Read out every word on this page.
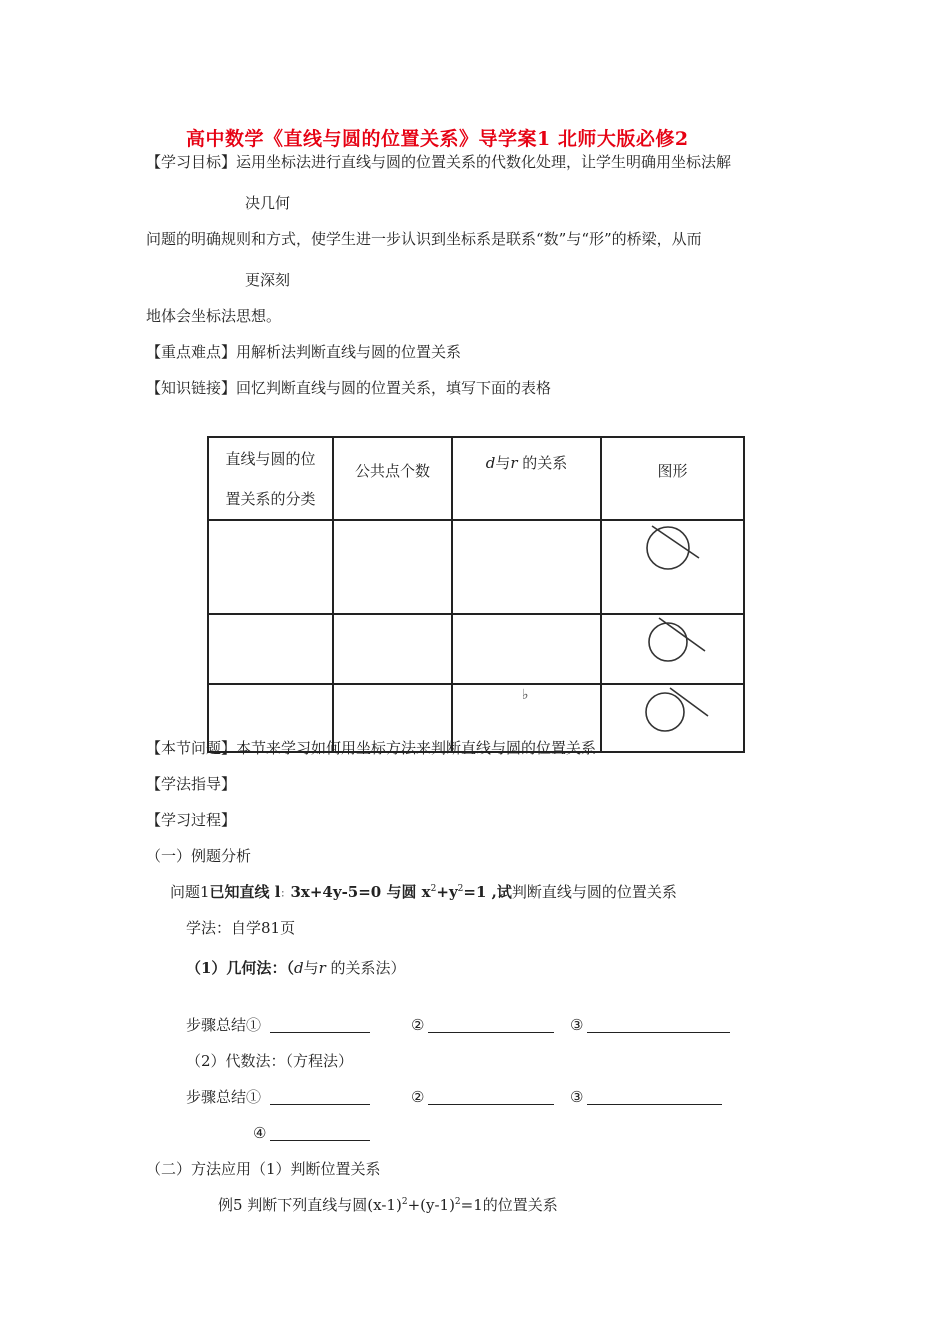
高中数学《直线与圆的位置关系》导学案1 北师大版必修2
【学习目标】运用坐标法进行直线与圆的位置关系的代数化处理，让学生明确用坐标法解
决几何
问题的明确规则和方式，使学生进一步认识到坐标系是联系“数”与“形”的桥梁，从而
更深刻
地体会坐标法思想。
【重点难点】用解析法判断直线与圆的位置关系
【知识链接】回忆判断直线与圆的位置关系，填写下面的表格
直线与圆的位
置关系的分类	公共点个数	d与r 的关系	图形

		♭

【本节问题】本节来学习如何用坐标方法来判断直线与圆的位置关系
【学法指导】
【学习过程】
（一）例题分析
问题1已知直线 l：3x+4y-5=0 与圆 $x^2+y^2=1$ ,试判断直线与圆的位置关系
学法：自学81页
（1）几何法：（d与r 的关系法）
步骤总结①	②	③
（2）代数法：（方程法）
步骤总结①	②	③
④
（二）方法应用（1）判断位置关系
例5 判断下列直线与圆$(x-1)^2+(y-1)^2=1$的位置关系
